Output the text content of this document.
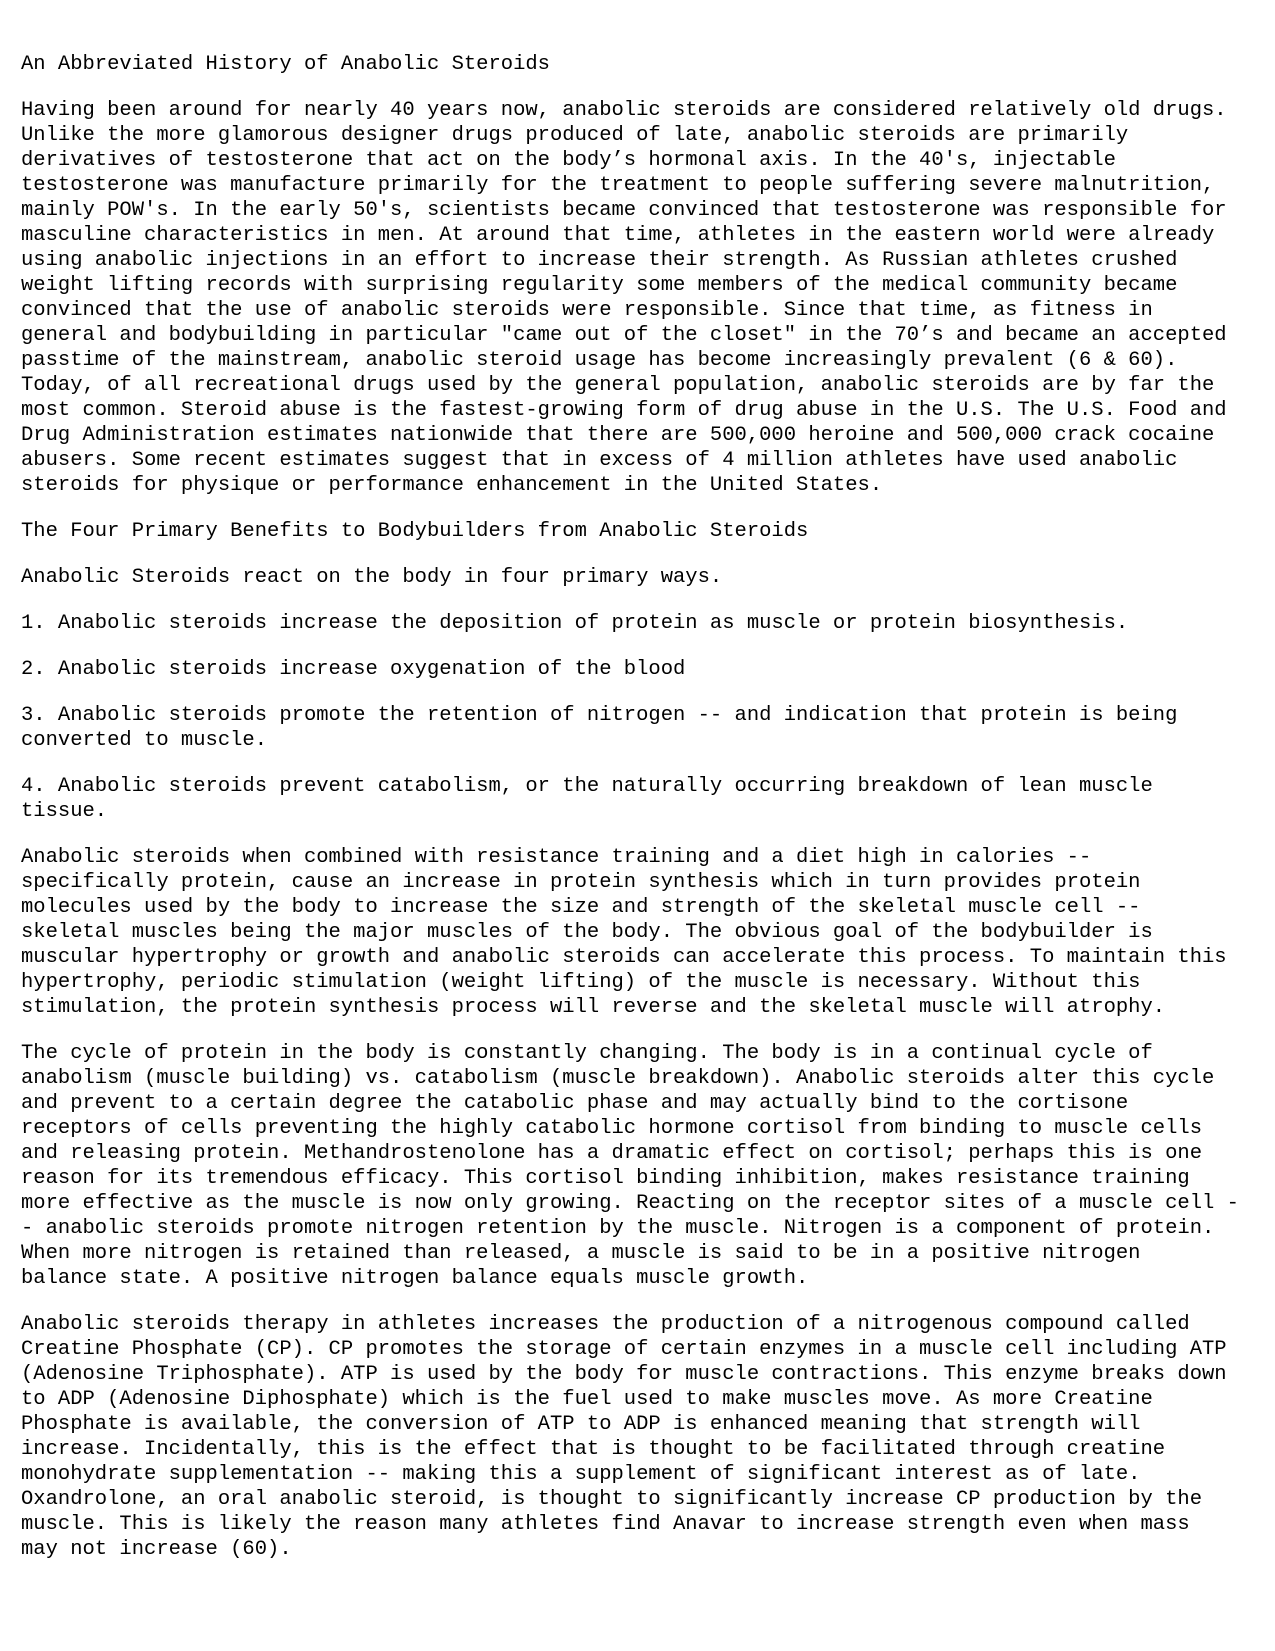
An Abbreviated History of Anabolic Steroids
Having been around for nearly 40 years now, anabolic steroids are considered relatively old drugs.
Unlike the more glamorous designer drugs produced of late, anabolic steroids are primarily
derivatives of testosterone that act on the body’s hormonal axis. In the 40's, injectable
testosterone was manufacture primarily for the treatment to people suffering severe malnutrition,
mainly POW's. In the early 50's, scientists became convinced that testosterone was responsible for
masculine characteristics in men. At around that time, athletes in the eastern world were already
using anabolic injections in an effort to increase their strength. As Russian athletes crushed
weight lifting records with surprising regularity some members of the medical community became
convinced that the use of anabolic steroids were responsible. Since that time, as fitness in
general and bodybuilding in particular "came out of the closet" in the 70’s and became an accepted
passtime of the mainstream, anabolic steroid usage has become increasingly prevalent (6 & 60).
Today, of all recreational drugs used by the general population, anabolic steroids are by far the
most common. Steroid abuse is the fastest-growing form of drug abuse in the U.S. The U.S. Food and
Drug Administration estimates nationwide that there are 500,000 heroine and 500,000 crack cocaine
abusers. Some recent estimates suggest that in excess of 4 million athletes have used anabolic
steroids for physique or performance enhancement in the United States.
The Four Primary Benefits to Bodybuilders from Anabolic Steroids
Anabolic Steroids react on the body in four primary ways.
1. Anabolic steroids increase the deposition of protein as muscle or protein biosynthesis.
2. Anabolic steroids increase oxygenation of the blood
3. Anabolic steroids promote the retention of nitrogen -- and indication that protein is being
converted to muscle.
4. Anabolic steroids prevent catabolism, or the naturally occurring breakdown of lean muscle
tissue.
Anabolic steroids when combined with resistance training and a diet high in calories --
specifically protein, cause an increase in protein synthesis which in turn provides protein
molecules used by the body to increase the size and strength of the skeletal muscle cell --
skeletal muscles being the major muscles of the body. The obvious goal of the bodybuilder is
muscular hypertrophy or growth and anabolic steroids can accelerate this process. To maintain this
hypertrophy, periodic stimulation (weight lifting) of the muscle is necessary. Without this
stimulation, the protein synthesis process will reverse and the skeletal muscle will atrophy.
The cycle of protein in the body is constantly changing. The body is in a continual cycle of
anabolism (muscle building) vs. catabolism (muscle breakdown). Anabolic steroids alter this cycle
and prevent to a certain degree the catabolic phase and may actually bind to the cortisone
receptors of cells preventing the highly catabolic hormone cortisol from binding to muscle cells
and releasing protein. Methandrostenolone has a dramatic effect on cortisol; perhaps this is one
reason for its tremendous efficacy. This cortisol binding inhibition, makes resistance training
more effective as the muscle is now only growing. Reacting on the receptor sites of a muscle cell -
- anabolic steroids promote nitrogen retention by the muscle. Nitrogen is a component of protein.
When more nitrogen is retained than released, a muscle is said to be in a positive nitrogen
balance state. A positive nitrogen balance equals muscle growth.
Anabolic steroids therapy in athletes increases the production of a nitrogenous compound called
Creatine Phosphate (CP). CP promotes the storage of certain enzymes in a muscle cell including ATP
(Adenosine Triphosphate). ATP is used by the body for muscle contractions. This enzyme breaks down
to ADP (Adenosine Diphosphate) which is the fuel used to make muscles move. As more Creatine
Phosphate is available, the conversion of ATP to ADP is enhanced meaning that strength will
increase. Incidentally, this is the effect that is thought to be facilitated through creatine
monohydrate supplementation -- making this a supplement of significant interest as of late.
Oxandrolone, an oral anabolic steroid, is thought to significantly increase CP production by the
muscle. This is likely the reason many athletes find Anavar to increase strength even when mass
may not increase (60).
